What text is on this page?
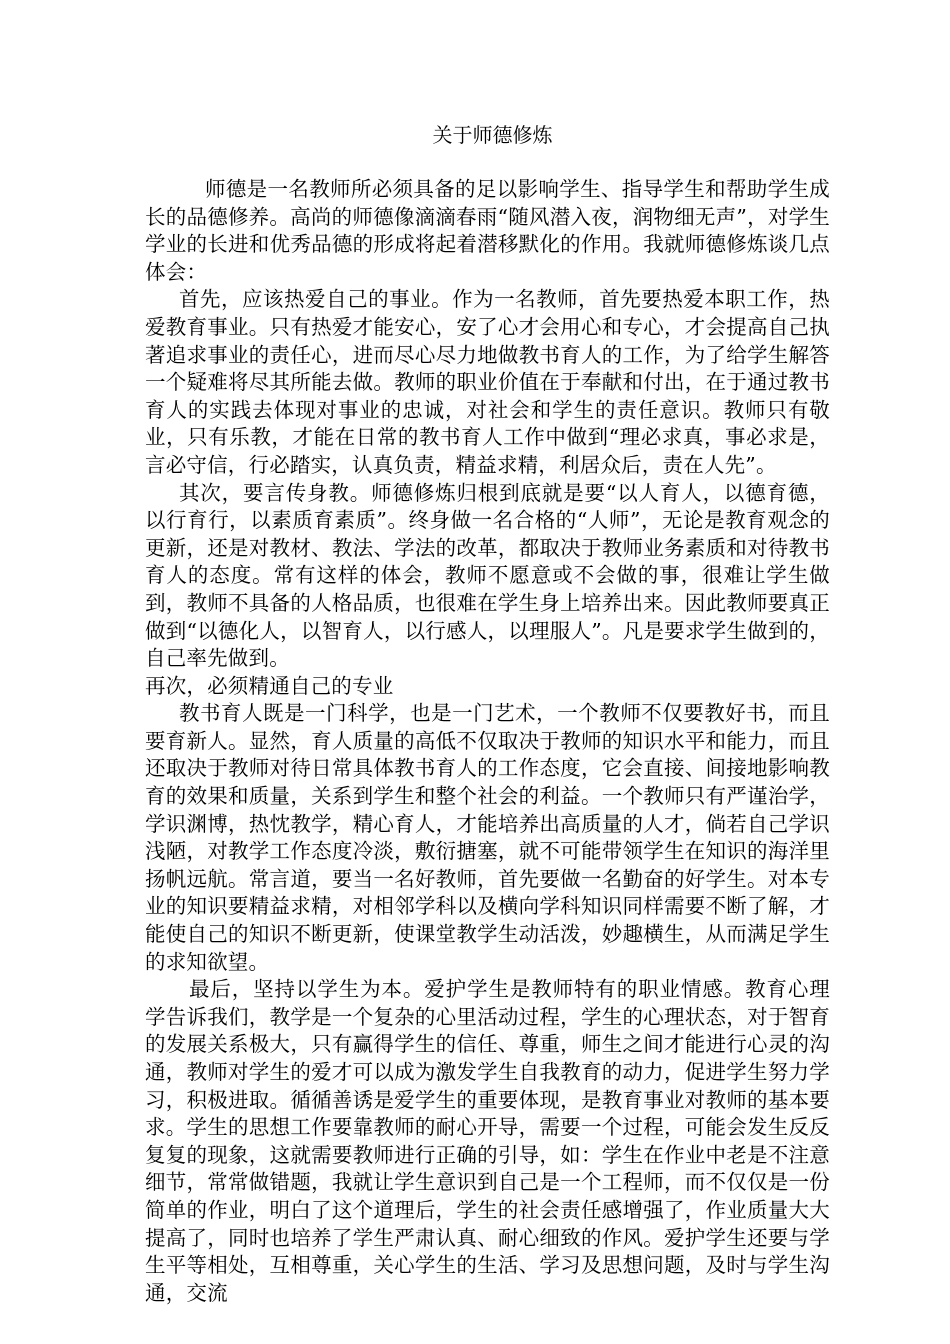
关于师德修炼

师德是一名教师所必须具备的足以影响学生、指导学生和帮助学生成长的品德修养。高尚的师德像滴滴春雨“随风潜入夜，润物细无声”，对学生学业的长进和优秀品德的形成将起着潜移默化的作用。我就师德修炼谈几点体会：

首先，应该热爱自己的事业。作为一名教师，首先要热爱本职工作，热爱教育事业。只有热爱才能安心，安了心才会用心和专心，才会提高自己执著追求事业的责任心，进而尽心尽力地做教书育人的工作，为了给学生解答一个疑难将尽其所能去做。教师的职业价值在于奉献和付出，在于通过教书育人的实践去体现对事业的忠诚，对社会和学生的责任意识。教师只有敬业，只有乐教，才能在日常的教书育人工作中做到“理必求真，事必求是，言必守信，行必踏实，认真负责，精益求精，利居众后，责在人先”。

其次，要言传身教。师德修炼归根到底就是要“以人育人，以德育德，以行育行，以素质育素质”。终身做一名合格的“人师”，无论是教育观念的更新，还是对教材、教法、学法的改革，都取决于教师业务素质和对待教书育人的态度。常有这样的体会，教师不愿意或不会做的事，很难让学生做到，教师不具备的人格品质，也很难在学生身上培养出来。因此教师要真正做到“以德化人，以智育人，以行感人，以理服人”。凡是要求学生做到的，自己率先做到。

再次，必须精通自己的专业

教书育人既是一门科学，也是一门艺术，一个教师不仅要教好书，而且要育新人。显然，育人质量的高低不仅取决于教师的知识水平和能力，而且还取决于教师对待日常具体教书育人的工作态度，它会直接、间接地影响教育的效果和质量，关系到学生和整个社会的利益。一个教师只有严谨治学，学识渊博，热忱教学，精心育人，才能培养出高质量的人才，倘若自己学识浅陋，对教学工作态度冷淡，敷衍搪塞，就不可能带领学生在知识的海洋里扬帆远航。常言道，要当一名好教师，首先要做一名勤奋的好学生。对本专业的知识要精益求精，对相邻学科以及横向学科知识同样需要不断了解，才能使自己的知识不断更新，使课堂教学生动活泼，妙趣横生，从而满足学生的求知欲望。

最后，坚持以学生为本。爱护学生是教师特有的职业情感。教育心理学告诉我们，教学是一个复杂的心里活动过程，学生的心理状态，对于智育的发展关系极大，只有赢得学生的信任、尊重，师生之间才能进行心灵的沟通，教师对学生的爱才可以成为激发学生自我教育的动力，促进学生努力学习，积极进取。循循善诱是爱学生的重要体现，是教育事业对教师的基本要求。学生的思想工作要靠教师的耐心开导，需要一个过程，可能会发生反反复复的现象，这就需要教师进行正确的引导，如：学生在作业中老是不注意细节，常常做错题，我就让学生意识到自己是一个工程师，而不仅仅是一份简单的作业，明白了这个道理后，学生的社会责任感增强了，作业质量大大提高了，同时也培养了学生严肃认真、耐心细致的作风。爱护学生还要与学生平等相处，互相尊重，关心学生的生活、学习及思想问题，及时与学生沟通，交流
